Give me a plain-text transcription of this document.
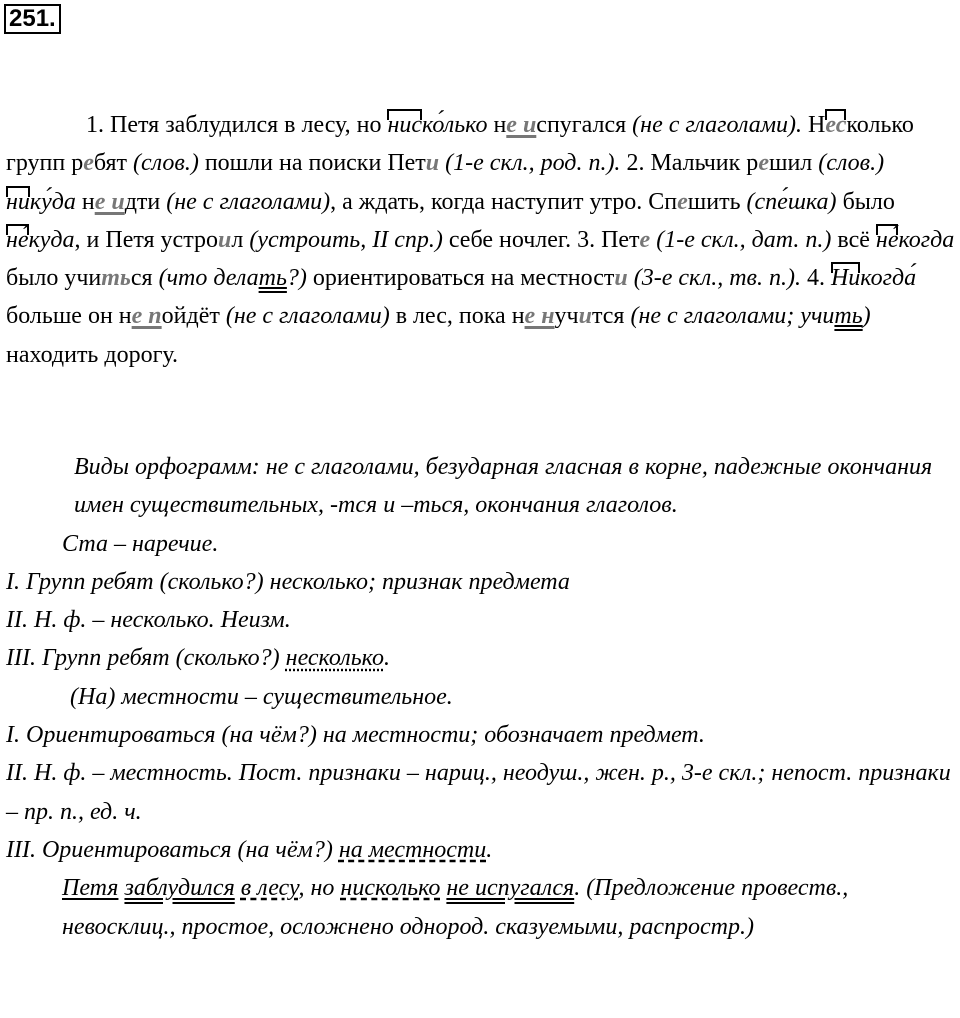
251.
1. Петя заблудился в лесу, но ниско́лько не испугался (не с глаголами). Несколько групп ребят (слов.) пошли на поиски Пети (1-е скл., род. п.). 2. Мальчик решил (слов.) нику́да не идти (не с глаголами), а ждать, когда наступит утро. Спешить (спе́шка) было не́куда, и Петя устроил (устроить, II спр.) себе ночлег. 3. Пете (1-е скл., дат. п.) всё не́когда было учиться (что делать?) ориентироваться на местности (3-е скл., тв. п.). 4. Никогда́ больше он не пойдёт (не с глаголами) в лес, пока не нучится (не с глаголами; учить) находить дорогу.

Виды орфограмм: не с глаголами, безударная гласная в корне, падежные окончания имен существительных, -тся и –ться, окончания глаголов.

Ста – наречие.

I. Групп ребят (сколько?) несколько; признак предмета

II. Н. ф. – несколько. Неизм.

III. Групп ребят (сколько?) несколько.

(На) местности – существительное.

I. Ориентироваться (на чём?) на местности; обозначает предмет.

II. Н. ф. – местность. Пост. признаки – нариц., неодуш., жен. р., 3-е скл.; непост. признаки – пр. п., ед. ч.

III. Ориентироваться (на чём?) на местности.

Петя заблудился в лесу, но нисколько не испугался. (Предложение провеств., невосклиц., простое, осложнено однород. сказуемыми, распростр.)
